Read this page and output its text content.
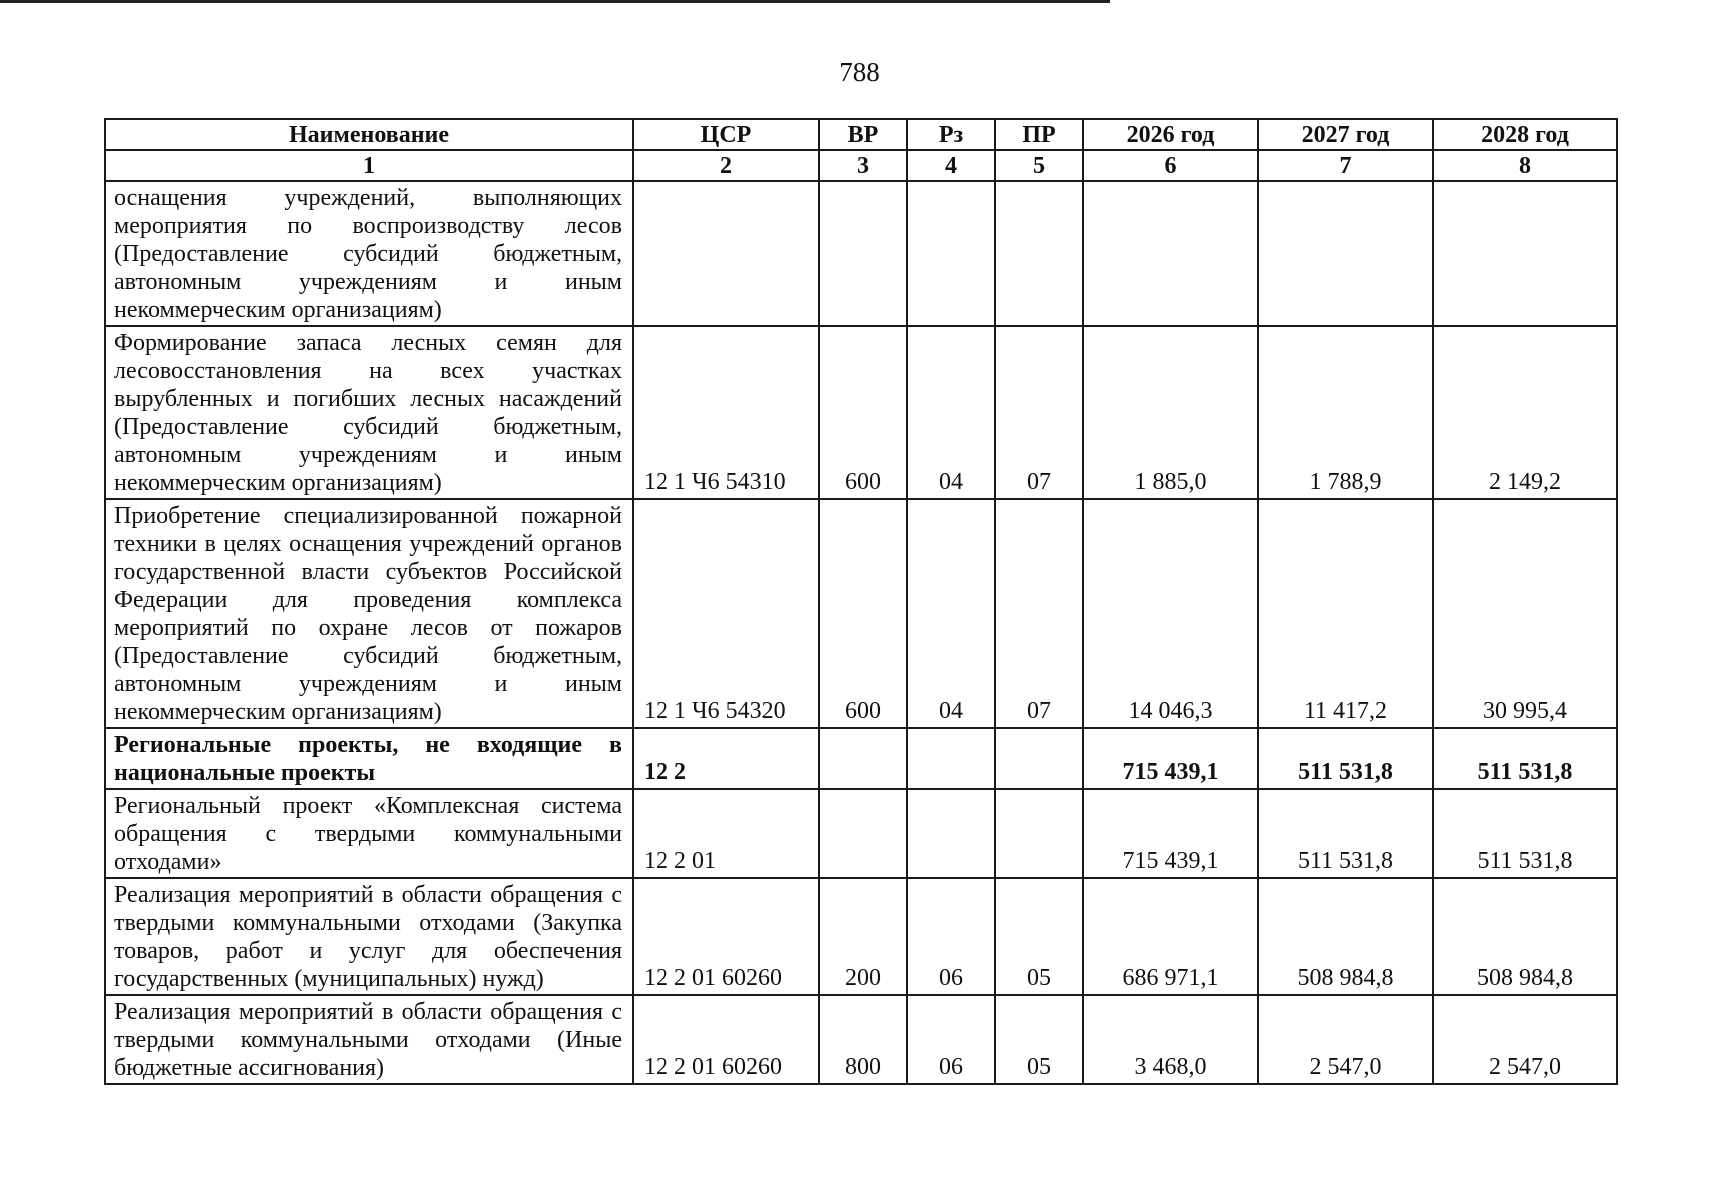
788
Наименование	ЦСР	ВР	Рз	ПР	2026 год	2027 год	2028 год
1	2	3	4	5	6	7	8
оснащения учреждений, выполняющих мероприятия по воспроизводству лесов (Предоставление субсидий бюджетным, автономным учреждениям и иным некоммерческим организациям)							
Формирование запаса лесных семян для лесовосстановления на всех участках вырубленных и погибших лесных насаждений (Предоставление субсидий бюджетным, автономным учреждениям и иным некоммерческим организациям)	12 1 Ч6 54310	600	04	07	1 885,0	1 788,9	2 149,2
Приобретение специализированной пожарной техники в целях оснащения учреждений органов государственной власти субъектов Российской Федерации для проведения комплекса мероприятий по охране лесов от пожаров (Предоставление субсидий бюджетным, автономным учреждениям и иным некоммерческим организациям)	12 1 Ч6 54320	600	04	07	14 046,3	11 417,2	30 995,4
Региональные проекты, не входящие в национальные проекты	12 2				715 439,1	511 531,8	511 531,8
Региональный проект «Комплексная система обращения с твердыми коммунальными отходами»	12 2 01				715 439,1	511 531,8	511 531,8
Реализация мероприятий в области обращения с твердыми коммунальными отходами (Закупка товаров, работ и услуг для обеспечения государственных (муниципальных) нужд)	12 2 01 60260	200	06	05	686 971,1	508 984,8	508 984,8
Реализация мероприятий в области обращения с твердыми коммунальными отходами (Иные бюджетные ассигнования)	12 2 01 60260	800	06	05	3 468,0	2 547,0	2 547,0
